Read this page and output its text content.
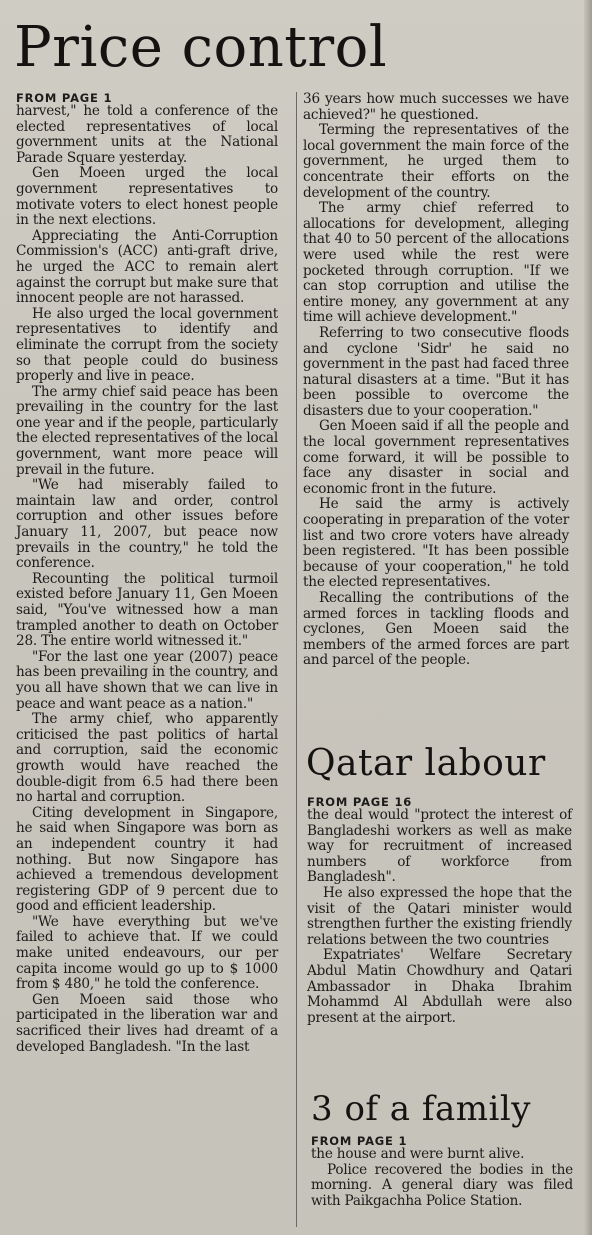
Price control
FROM PAGE 1

harvest," he told a conference of the elected representatives of local government units at the National Parade Square yesterday.

Gen Moeen urged the local government representatives to motivate voters to elect honest people in the next elections.

Appreciating the Anti-Corruption Commission's (ACC) anti-graft drive, he urged the ACC to remain alert against the corrupt but make sure that innocent people are not harassed.

He also urged the local government representatives to identify and eliminate the corrupt from the society so that people could do business properly and live in peace.

The army chief said peace has been prevailing in the country for the last one year and if the people, particularly the elected representatives of the local government, want more peace will prevail in the future.

"We had miserably failed to maintain law and order, control corruption and other issues before January 11, 2007, but peace now prevails in the country," he told the conference.

Recounting the political turmoil existed before January 11, Gen Moeen said, "You've witnessed how a man trampled another to death on October 28. The entire world witnessed it."

"For the last one year (2007) peace has been prevailing in the country, and you all have shown that we can live in peace and want peace as a nation."

The army chief, who apparently criticised the past politics of hartal and corruption, said the economic growth would have reached the double-digit from 6.5 had there been no hartal and corruption.

Citing development in Singapore, he said when Singapore was born as an independent country it had nothing. But now Singapore has achieved a tremendous development registering GDP of 9 percent due to good and efficient leadership.

"We have everything but we've failed to achieve that. If we could make united endeavours, our per capita income would go up to $ 1000 from $ 480," he told the conference.

Gen Moeen said those who participated in the liberation war and sacrificed their lives had dreamt of a developed Bangladesh. "In the last

36 years how much successes we have achieved?" he questioned.

Terming the representatives of the local government the main force of the government, he urged them to concentrate their efforts on the development of the country.

The army chief referred to allocations for development, alleging that 40 to 50 percent of the allocations were used while the rest were pocketed through corruption. "If we can stop corruption and utilise the entire money, any government at any time will achieve development."

Referring to two consecutive floods and cyclone 'Sidr' he said no government in the past had faced three natural disasters at a time. "But it has been possible to overcome the disasters due to your cooperation."

Gen Moeen said if all the people and the local government representatives come forward, it will be possible to face any disaster in social and economic front in the future.

He said the army is actively cooperating in preparation of the voter list and two crore voters have already been registered. "It has been possible because of your cooperation," he told the elected representatives.

Recalling the contributions of the armed forces in tackling floods and cyclones, Gen Moeen said the members of the armed forces are part and parcel of the people.

Qatar labour
FROM PAGE 16

the deal would "protect the interest of Bangladeshi workers as well as make way for recruitment of increased numbers of workforce from Bangladesh".

He also expressed the hope that the visit of the Qatari minister would strengthen further the existing friendly relations between the two countries

Expatriates' Welfare Secretary Abdul Matin Chowdhury and Qatari Ambassador in Dhaka Ibrahim Mohammd Al Abdullah were also present at the airport.

3 of a family
FROM PAGE 1

the house and were burnt alive.

Police recovered the bodies in the morning. A general diary was filed with Paikgachha Police Station.
